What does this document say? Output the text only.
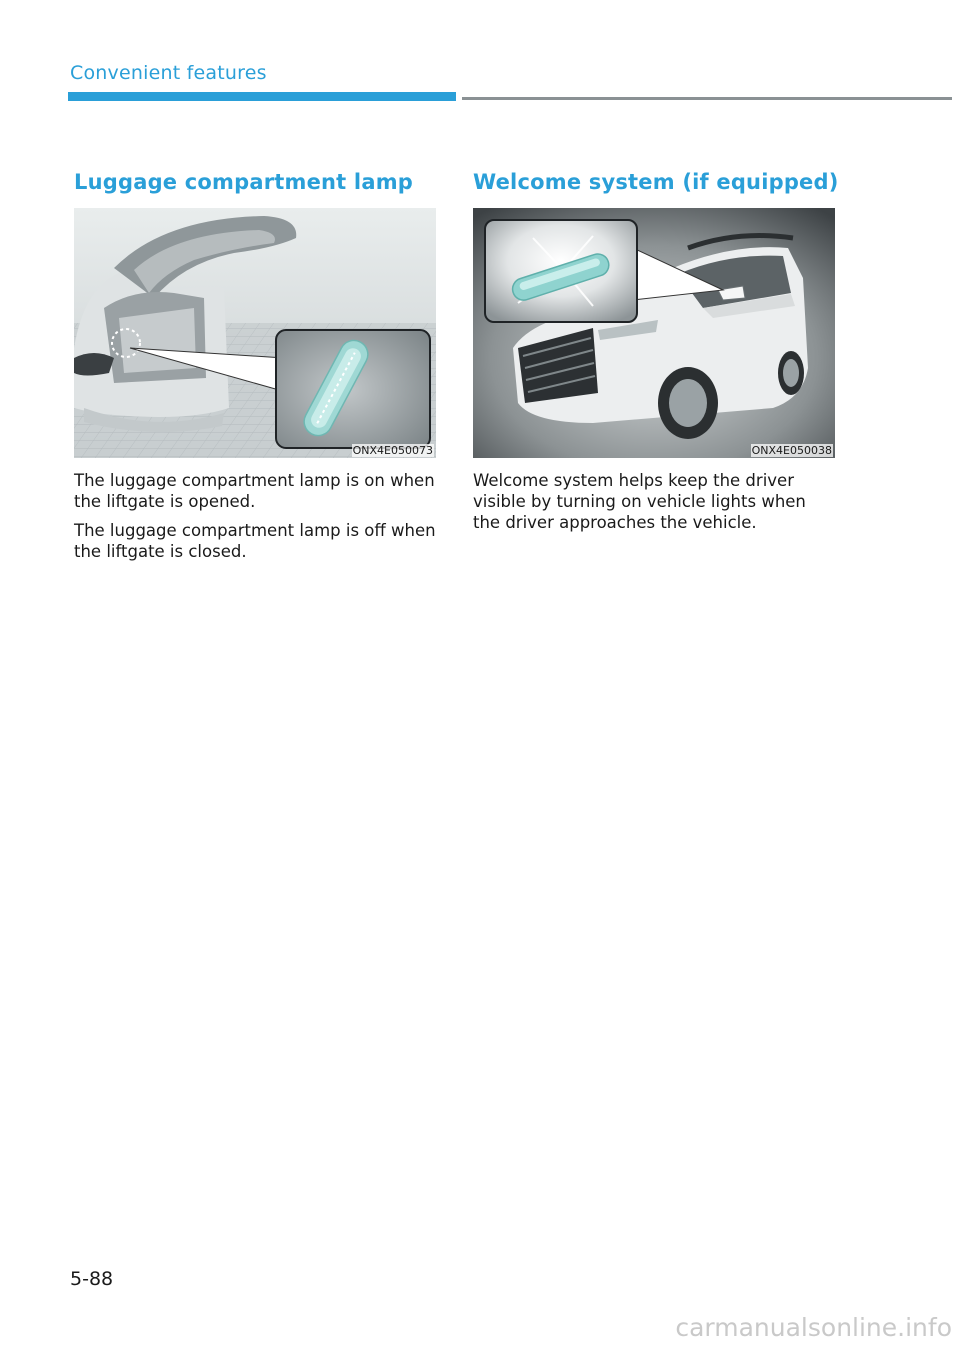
Convenient features
Luggage compartment lamp
ONX4E050073

The luggage compartment lamp is on when the liftgate is opened.

The luggage compartment lamp is off when the liftgate is closed.

Welcome system (if equipped)
ONX4E050038

Welcome system helps keep the driver visible by turning on vehicle lights when the driver approaches the vehicle.

5-88
carmanualsonline.info
